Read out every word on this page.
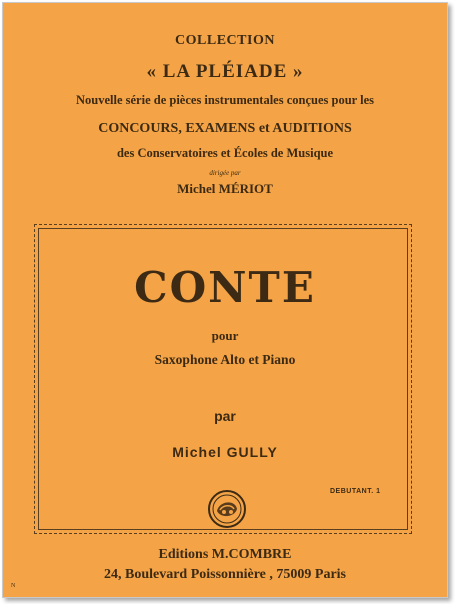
COLLECTION
« LA PLÉIADE »
Nouvelle série de pièces instrumentales conçues pour les
CONCOURS, EXAMENS et AUDITIONS
des Conservatoires et Écoles de Musique
dirigée par
Michel MÉRIOT
CONTE
pour
Saxophone Alto et Piano
par
Michel GULLY
DEBUTANT. 1
Editions M.COMBRE
24, Boulevard Poissonnière , 75009 Paris
N
